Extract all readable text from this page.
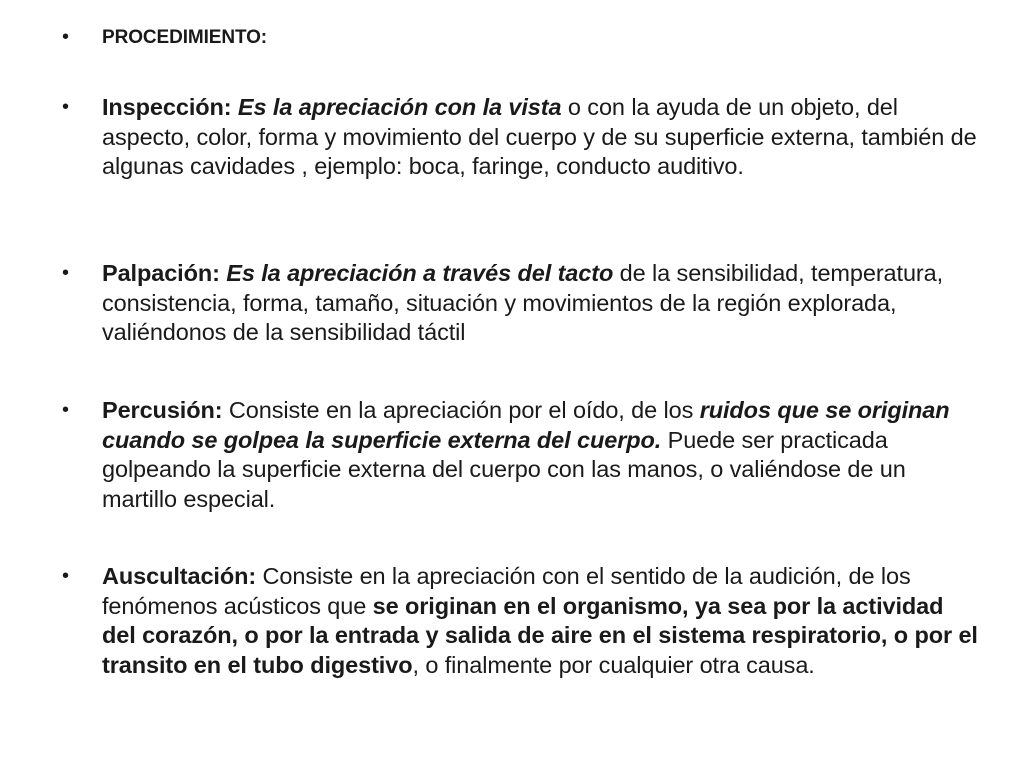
• PROCEDIMIENTO:
• Inspección: Es la apreciación con la vista o con la ayuda de un objeto, del aspecto, color, forma y movimiento del cuerpo y de su superficie externa, también de algunas cavidades , ejemplo: boca, faringe, conducto auditivo.
• Palpación: Es la apreciación a través del tacto de la sensibilidad, temperatura, consistencia, forma, tamaño, situación y movimientos de la región explorada, valiéndonos de la sensibilidad táctil
• Percusión: Consiste en la apreciación por el oído, de los ruidos que se originan cuando se golpea la superficie externa del cuerpo. Puede ser practicada golpeando la superficie externa del cuerpo con las manos, o valiéndose de un martillo especial.
• Auscultación: Consiste en la apreciación con el sentido de la audición, de los fenómenos acústicos que se originan en el organismo, ya sea por la actividad del corazón, o por la entrada y salida de aire en el sistema respiratorio, o por el transito en el tubo digestivo, o finalmente por cualquier otra causa.
